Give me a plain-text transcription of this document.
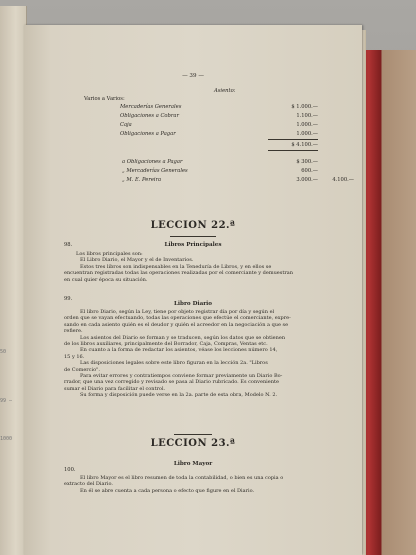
50
99 —
1000
— 39 —
Asiento:
Varios a Varios:
Mercaderías Generales	$ 1.000.—
Obligaciones a Cobrar	1.100.—
Caja	1.000.—
Obligaciones a Pagar	1.000.—
$ 4.100.—
a Obligaciones a Pagar	$ 300.—
„ Mercaderías Generales	600.—
„ M. E. Pereira	3.000.—	4.100.—
LECCION 22.ª
98.	Libros Principales
Los libros principales son:
El Libro Diario, el Mayor y el de Inventarios.
Estos tres libros son indispensables en la Teneduría de Libros, y en ellos se
encuentran registradas todas las operaciones realizadas por el comerciante y demuestran
en cual quier época su situación.
99.
Libro Diario
El libro Diario, según la Ley, tiene por objeto registrar día por día y según el
orden que se vayan efectuando, todas las operaciones que efectúe el comerciante, expre-
sando en cada asiento quién es el deudor y quién el acreedor en la negociación a que se
refiere.
Los asientos del Diario se forman y se traducen, según los datos que se obtienen
de los libros auxiliares, principalmente del Borrador, Caja, Compras, Ventas etc.
En cuanto a la forma de redactar los asientos, véase los lecciones número 14,
15 y 16.
Las disposiciones legales sobre este libro figuran en la lección 2a. "Libros
de Comercio".
Para evitar errores y contratiempos conviene formar previamente un Diario Bo-
rrador, que una vez corregido y revisado se pasa al Diario rubricado. Es conveniente
sumar el Diario para facilitar el control.
Su forma y disposición puede verse en la 2a. parte de esta obra, Modelo N. 2.
LECCION 23.ª
100.
Libro Mayor
El libro Mayor es el libro resumen de toda la contabilidad, o bien es una copia o
extracto del Diario.
En él se abre cuenta a cada persona o efecto que figure en el Diario.
